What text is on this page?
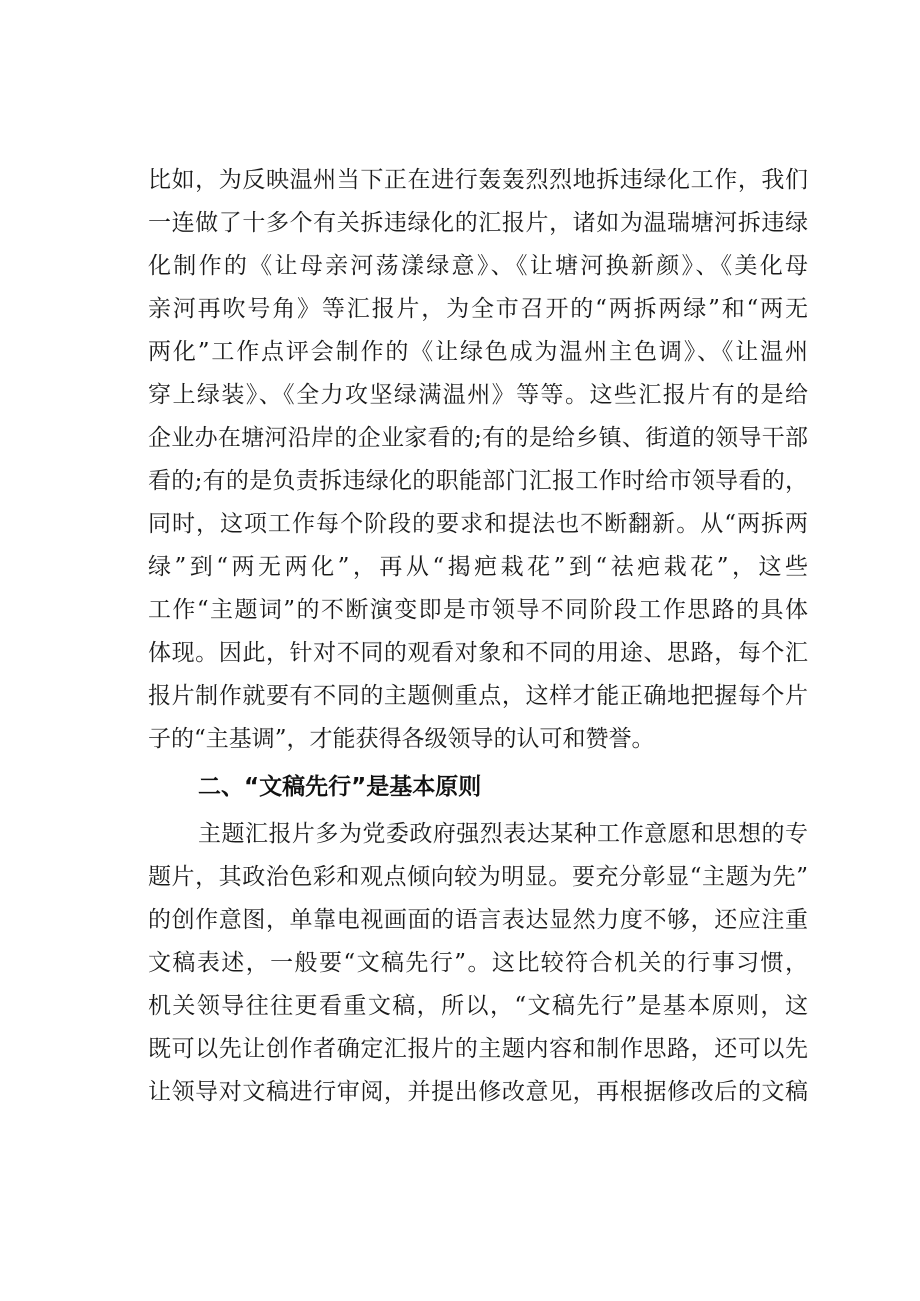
比如，为反映温州当下正在进行轰轰烈烈地拆违绿化工作，我们
一连做了十多个有关拆违绿化的汇报片，诸如为温瑞塘河拆违绿
化制作的《让母亲河荡漾绿意》、《让塘河换新颜》、《美化母
亲河再吹号角》等汇报片，为全市召开的“两拆两绿”和“两无
两化”工作点评会制作的《让绿色成为温州主色调》、《让温州
穿上绿装》、《全力攻坚绿满温州》等等。这些汇报片有的是给
企业办在塘河沿岸的企业家看的;有的是给乡镇、街道的领导干部
看的;有的是负责拆违绿化的职能部门汇报工作时给市领导看的，
同时，这项工作每个阶段的要求和提法也不断翻新。从“两拆两
绿”到“两无两化”，再从“揭疤栽花”到“祛疤栽花”，这些
工作“主题词”的不断演变即是市领导不同阶段工作思路的具体
体现。因此，针对不同的观看对象和不同的用途、思路，每个汇
报片制作就要有不同的主题侧重点，这样才能正确地把握每个片
子的“主基调”，才能获得各级领导的认可和赞誉。
二、“文稿先行”是基本原则
主题汇报片多为党委政府强烈表达某种工作意愿和思想的专
题片，其政治色彩和观点倾向较为明显。要充分彰显“主题为先”
的创作意图，单靠电视画面的语言表达显然力度不够，还应注重
文稿表述，一般要“文稿先行”。这比较符合机关的行事习惯，
机关领导往往更看重文稿，所以，“文稿先行”是基本原则，这
既可以先让创作者确定汇报片的主题内容和制作思路，还可以先
让领导对文稿进行审阅，并提出修改意见，再根据修改后的文稿
